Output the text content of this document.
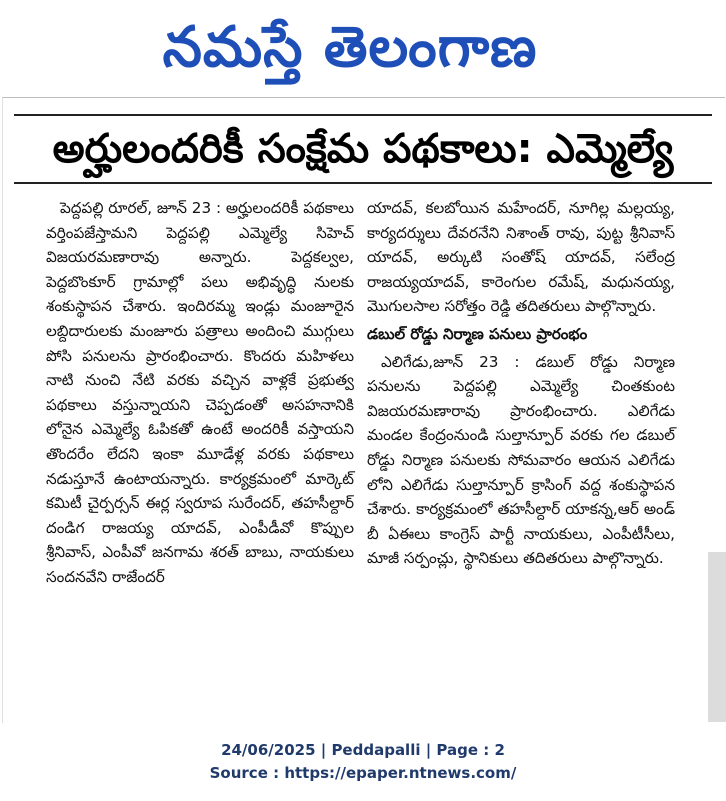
నమస్తే తెలంగాణ
అర్హులందరికీ సంక్షేమ పథకాలు: ఎమ్మెల్యే

పెద్దపల్లి రూరల్, జూన్ 23 : అర్హులందరికీ పథకాలు వర్తింపజేస్తామని పెద్దపల్లి ఎమ్మెల్యే సిహెచ్ విజయరమణారావు అన్నారు. పెద్దకల్వల, పెద్దబొంకూర్ గ్రామాల్లో పలు అభివృద్ధి నులకు శంకుస్థాపన చేశారు. ఇందిరమ్మ ఇండ్లు మంజూరైన లబ్దిదారులకు మంజూరు పత్రాలు అందించి ముగ్గులు పోసి పనులను ప్రారంభించారు. కొందరు మహిళలు నాటి నుంచి నేటి వరకు వచ్చిన వాళ్లకే ప్రభుత్వ పథకాలు వస్తున్నాయని చెప్పడంతో అసహనానికి లోనైన ఎమ్మెల్యే ఓపికతో ఉంటే అందరికీ వస్తాయని తొందరేం లేదని ఇంకా మూడేళ్ల వరకు పథకాలు నడుస్తూనే ఉంటాయన్నారు. కార్యక్రమంలో మార్కెట్ కమిటీ చైర్పర్సన్ ఈర్ల స్వరూప సురేందర్, తహసీల్దార్ దండిగ రాజయ్య యాదవ్, ఎంపీడీవో కొప్పుల శ్రీనివాస్, ఎంపీవో జనగామ శరత్ బాబు, నాయకులు సందనవేని రాజేందర్

యాదవ్, కలబోయిన మహేందర్, నూగిల్ల మల్లయ్య, కార్యదర్శులు దేవరనేని నిశాంత్ రావు, పుట్ట శ్రీనివాస్ యాదవ్, అర్కుటి సంతోష్ యాదవ్, సలేంద్ర రాజయ్యయాదవ్, కారెంగుల రమేష్, మధునయ్య, మొగులసాల సరోత్తం రెడ్డి తదితరులు పాల్గొన్నారు.

డబుల్ రోడ్డు నిర్మాణ పనులు ప్రారంభం

ఎలిగేడు,జూన్ 23 : డబుల్ రోడ్డు నిర్మాణ పనులను పెద్దపల్లి ఎమ్మెల్యే చింతకుంట విజయరమణారావు ప్రారంభించారు. ఎలిగేడు మండల కేంద్రంనుండి సుల్తాన్పూర్ వరకు గల డబుల్ రోడ్డు నిర్మాణ పనులకు సోమవారం ఆయన ఎలిగేడు లోని ఎలిగేడు సుల్తాన్పూర్ క్రాసింగ్ వద్ద శంకుస్థాపన చేశారు. కార్యక్రమంలో తహసీల్దార్ యాకన్న,ఆర్ అండ్ బీ ఏఈలు కాంగ్రెస్ పార్టీ నాయకులు, ఎంపీటీసీలు, మాజీ సర్పంచ్లు, స్థానికులు తదితరులు పాల్గొన్నారు.

24/06/2025 | Peddapalli | Page : 2
Source : https://epaper.ntnews.com/
